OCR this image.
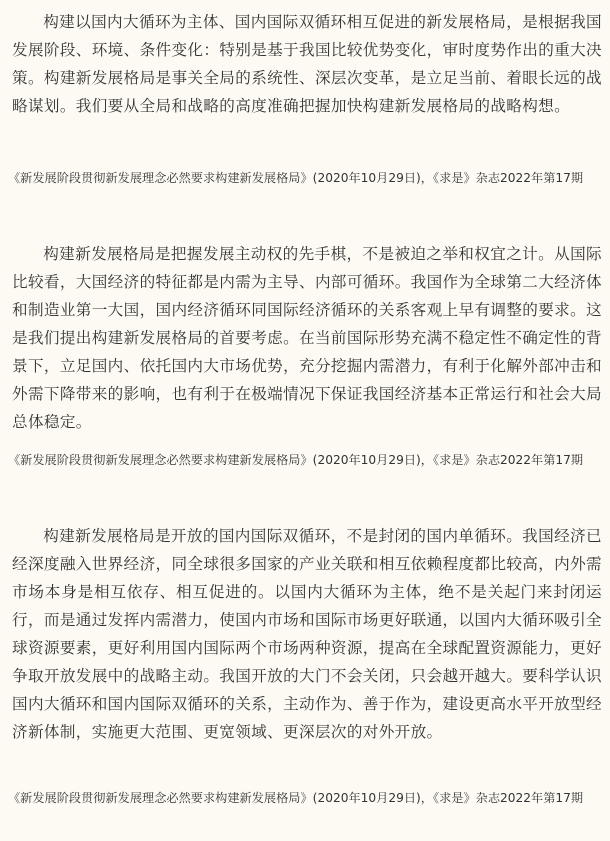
构建以国内大循环为主体、国内国际双循环相互促进的新发展格局，是根据我国发展阶段、环境、条件变化：特别是基于我国比较优势变化，审时度势作出的重大决策。构建新发展格局是事关全局的系统性、深层次变革，是立足当前、着眼长远的战略谋划。我们要从全局和战略的高度准确把握加快构建新发展格局的战略构想。

《新发展阶段贯彻新发展理念必然要求构建新发展格局》(2020年10月29日)，《求是》杂志2022年第17期

构建新发展格局是把握发展主动权的先手棋，不是被迫之举和权宜之计。从国际比较看，大国经济的特征都是内需为主导、内部可循环。我国作为全球第二大经济体和制造业第一大国，国内经济循环同国际经济循环的关系客观上早有调整的要求。这是我们提出构建新发展格局的首要考虑。在当前国际形势充满不稳定性不确定性的背景下，立足国内、依托国内大市场优势，充分挖掘内需潜力，有利于化解外部冲击和外需下降带来的影响，也有利于在极端情况下保证我国经济基本正常运行和社会大局总体稳定。

《新发展阶段贯彻新发展理念必然要求构建新发展格局》(2020年10月29日)，《求是》杂志2022年第17期

构建新发展格局是开放的国内国际双循环，不是封闭的国内单循环。我国经济已经深度融入世界经济，同全球很多国家的产业关联和相互依赖程度都比较高，内外需市场本身是相互依存、相互促进的。以国内大循环为主体，绝不是关起门来封闭运行，而是通过发挥内需潜力，使国内市场和国际市场更好联通，以国内大循环吸引全球资源要素，更好利用国内国际两个市场两种资源，提高在全球配置资源能力，更好争取开放发展中的战略主动。我国开放的大门不会关闭，只会越开越大。要科学认识国内大循环和国内国际双循环的关系，主动作为、善于作为，建设更高水平开放型经济新体制，实施更大范围、更宽领域、更深层次的对外开放。

《新发展阶段贯彻新发展理念必然要求构建新发展格局》(2020年10月29日)，《求是》杂志2022年第17期
